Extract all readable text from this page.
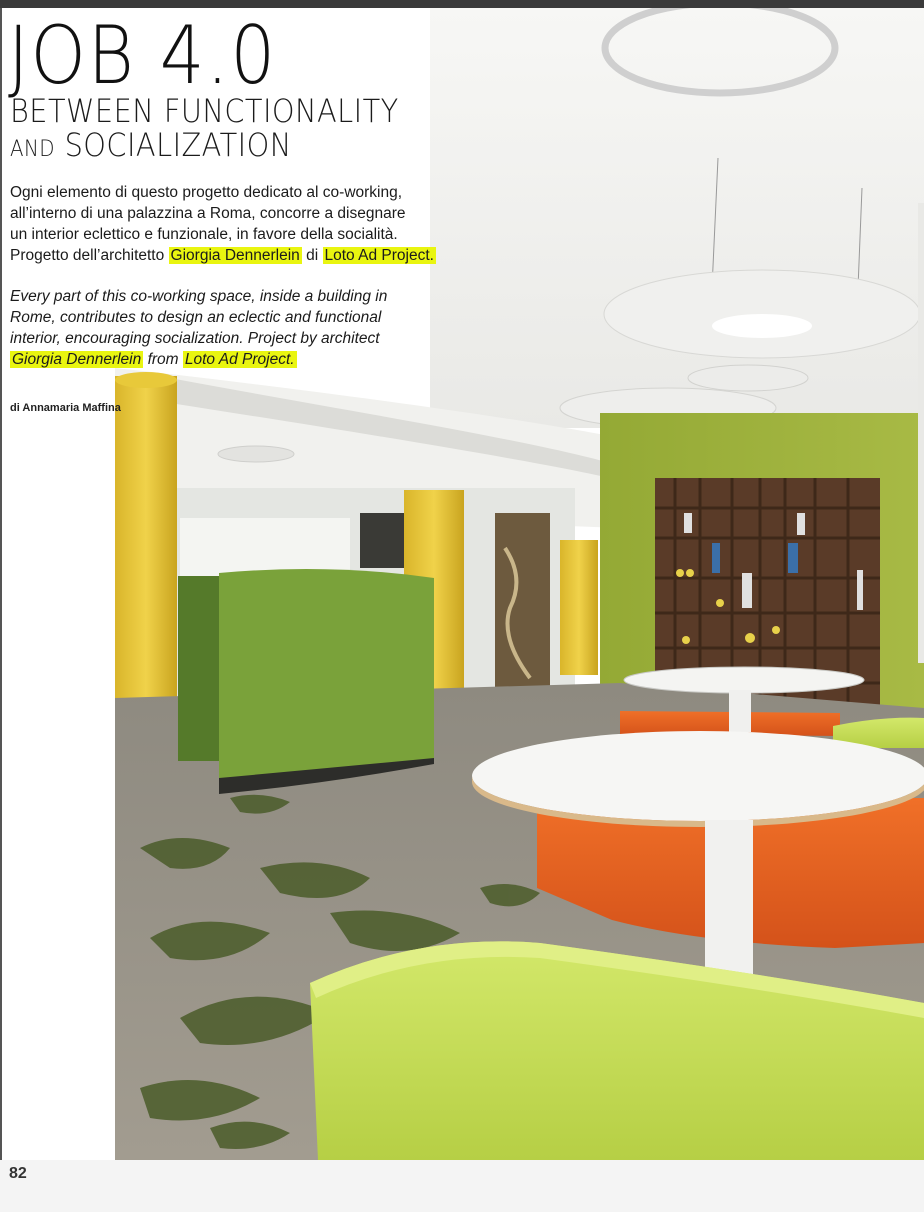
JOB 4.0
BETWEEN FUNCTIONALITY
AND SOCIALIZATION
Ogni elemento di questo progetto dedicato al co-working,
all’interno di una palazzina a Roma, concorre a disegnare
un interior eclettico e funzionale, in favore della socialità.
Progetto dell’architetto Giorgia Dennerlein di Loto Ad Project.
Every part of this co-working space, inside a building in
Rome, contributes to design an eclectic and functional
interior, encouraging socialization. Project by architect
Giorgia Dennerlein from Loto Ad Project.
di Annamaria Maffina
82
